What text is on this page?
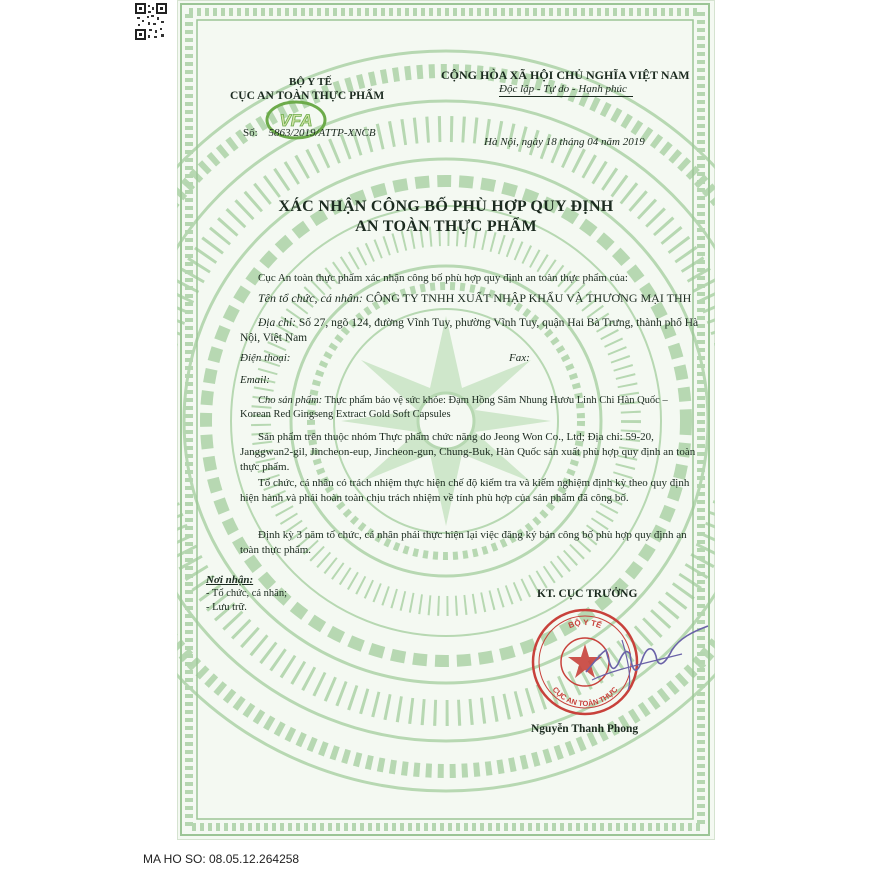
BỘ Y TẾ
CỤC AN TOÀN THỰC PHẨM
VFA
Số: 5863/2019/ATTP-XNCB
CỘNG HÒA XÃ HỘI CHỦ NGHĨA VIỆT NAM
Độc lập - Tự do - Hạnh phúc
Hà Nội, ngày 18 tháng 04 năm 2019
XÁC NHẬN CÔNG BỐ PHÙ HỢP QUY ĐỊNH
AN TOÀN THỰC PHẨM
Cục An toàn thực phẩm xác nhận công bố phù hợp quy định an toàn thực phẩm của:
Tên tổ chức, cá nhân: CÔNG TY TNHH XUẤT NHẬP KHẨU VÀ THƯƠNG MẠI THH
Địa chỉ: Số 27, ngõ 124, đường Vĩnh Tuy, phường Vĩnh Tuy, quận Hai Bà Trưng, thành phố Hà Nội, Việt Nam
Điện thoại:	Fax:
Email:
Cho sản phẩm: Thực phẩm bảo vệ sức khỏe: Đạm Hồng Sâm Nhung Hươu Linh Chi Hàn Quốc – Korean Red Gingseng Extract Gold Soft Capsules
Sản phẩm trên thuộc nhóm Thực phẩm chức năng do Jeong Won Co., Ltd; Địa chỉ: 59-20, Janggwan2-gil, Jincheon-eup, Jincheon-gun, Chung-Buk, Hàn Quốc sản xuất phù hợp quy định an toàn thực phẩm.
Tổ chức, cá nhân có trách nhiệm thực hiện chế độ kiểm tra và kiểm nghiệm định kỳ theo quy định hiện hành và phải hoàn toàn chịu trách nhiệm về tính phù hợp của sản phẩm đã công bố.
Định kỳ 3 năm tổ chức, cá nhân phải thực hiện lại việc đăng ký bản công bố phù hợp quy định an toàn thực phẩm.
Nơi nhận:
- Tổ chức, cá nhân;
- Lưu trữ.
KT. CỤC TRƯỞNG
BỘ Y TẾ
CỤC AN TOÀN THỰC
Nguyễn Thanh Phong
MA HO SO: 08.05.12.264258
